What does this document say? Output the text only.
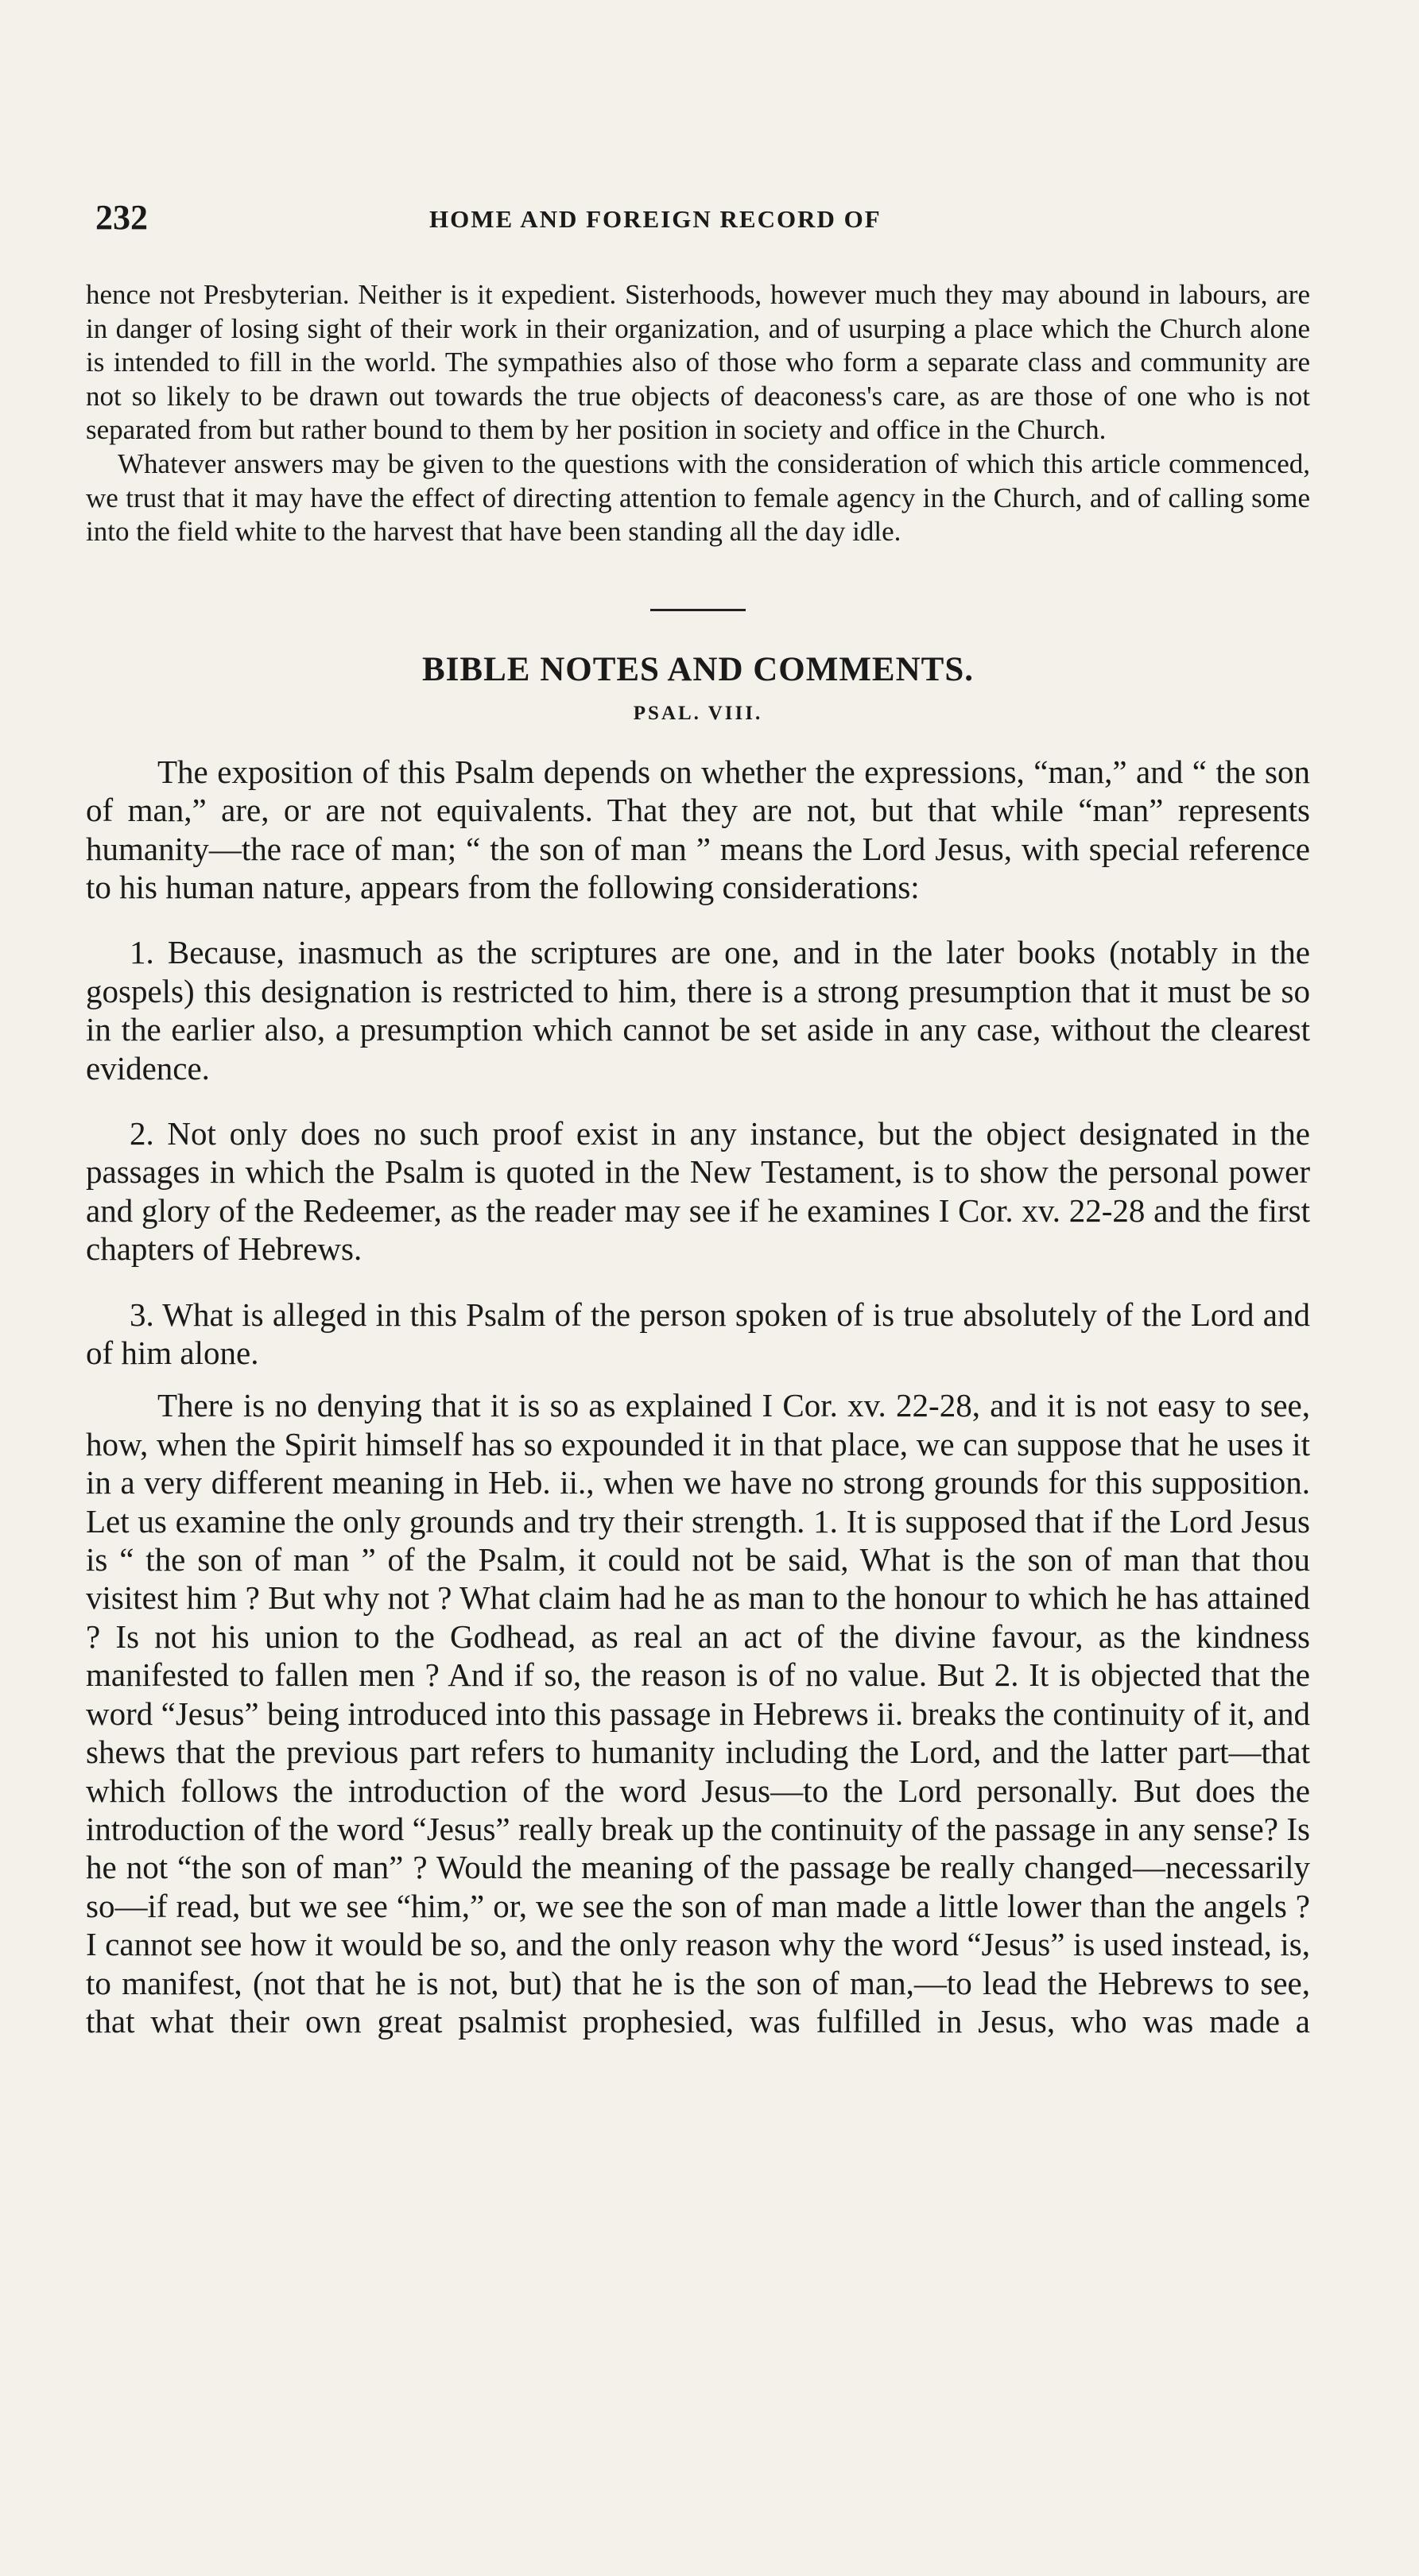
232	HOME AND FOREIGN RECORD OF

hence not Presbyterian. Neither is it expedient. Sisterhoods, however much they may abound in labours, are in danger of losing sight of their work in their organization, and of usurping a place which the Church alone is intended to fill in the world. The sympathies also of those who form a separate class and community are not so likely to be drawn out towards the true objects of deaconess's care, as are those of one who is not separated from but rather bound to them by her position in society and office in the Church.

Whatever answers may be given to the questions with the consideration of which this article commenced, we trust that it may have the effect of directing attention to female agency in the Church, and of calling some into the field white to the harvest that have been standing all the day idle.

BIBLE NOTES AND COMMENTS.
PSAL. VIII.

The exposition of this Psalm depends on whether the expressions, “man,” and “ the son of man,” are, or are not equivalents. That they are not, but that while “man” represents humanity—the race of man; “ the son of man ” means the Lord Jesus, with special reference to his human nature, appears from the following considerations:

1. Because, inasmuch as the scriptures are one, and in the later books (notably in the gospels) this designation is restricted to him, there is a strong presumption that it must be so in the earlier also, a presumption which cannot be set aside in any case, without the clearest evidence.

2. Not only does no such proof exist in any instance, but the object designated in the passages in which the Psalm is quoted in the New Testament, is to show the personal power and glory of the Redeemer, as the reader may see if he examines I Cor. xv. 22-28 and the first chapters of Hebrews.

3. What is alleged in this Psalm of the person spoken of is true absolutely of the Lord and of him alone.

There is no denying that it is so as explained I Cor. xv. 22-28, and it is not easy to see, how, when the Spirit himself has so expounded it in that place, we can suppose that he uses it in a very different meaning in Heb. ii., when we have no strong grounds for this supposition. Let us examine the only grounds and try their strength. 1. It is supposed that if the Lord Jesus is “ the son of man ” of the Psalm, it could not be said, What is the son of man that thou visitest him ? But why not ? What claim had he as man to the honour to which he has attained ? Is not his union to the Godhead, as real an act of the divine favour, as the kindness manifested to fallen men ? And if so, the reason is of no value. But 2. It is objected that the word “Jesus” being introduced into this passage in Hebrews ii. breaks the continuity of it, and shews that the previous part refers to humanity including the Lord, and the latter part—that which follows the introduction of the word Jesus—to the Lord personally. But does the introduction of the word “Jesus” really break up the continuity of the passage in any sense? Is he not “the son of man” ? Would the meaning of the passage be really changed—necessarily so—if read, but we see “him,” or, we see the son of man made a little lower than the angels ? I cannot see how it would be so, and the only reason why the word “Jesus” is used instead, is, to manifest, (not that he is not, but) that he is the son of man,—to lead the Hebrews to see, that what their own great psalmist prophesied, was fulfilled in Jesus, who was made a
